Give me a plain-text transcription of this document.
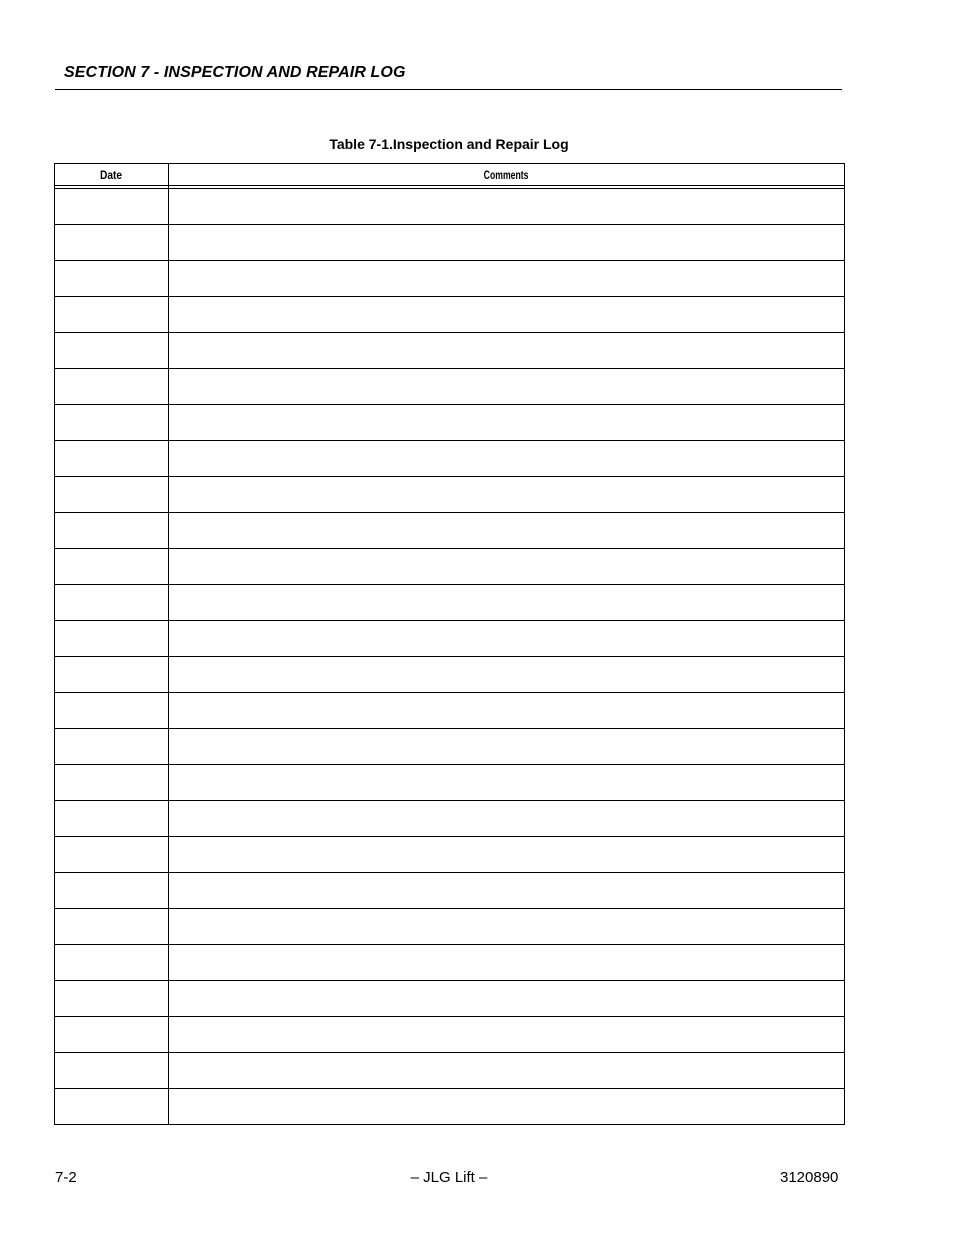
SECTION 7 - INSPECTION AND REPAIR LOG
Table 7-1.Inspection and Repair Log
Date	Comments
7-2	– JLG Lift –	3120890
